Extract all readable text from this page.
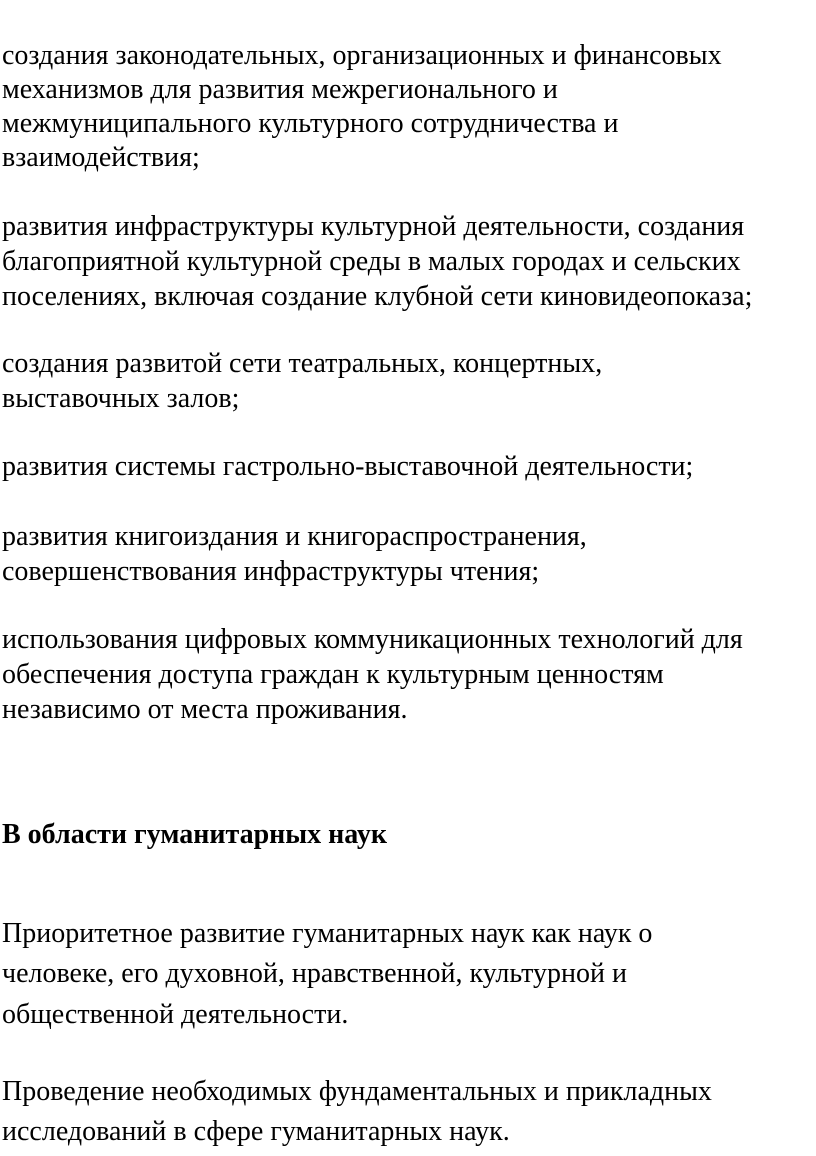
создания законодательных, организационных и финансовых
механизмов для развития межрегионального и
межмуниципального культурного сотрудничества и
взаимодействия;
развития инфраструктуры культурной деятельности, создания
благоприятной культурной среды в малых городах и сельских
поселениях, включая создание клубной сети киновидеопоказа;
создания развитой сети театральных, концертных,
выставочных залов;
развития системы гастрольно-выставочной деятельности;
развития книгоиздания и книгораспространения,
совершенствования инфраструктуры чтения;
использования цифровых коммуникационных технологий для
обеспечения доступа граждан к культурным ценностям
независимо от места проживания.
В области гуманитарных наук
Приоритетное развитие гуманитарных наук как наук о
человеке, его духовной, нравственной, культурной и
общественной деятельности.
Проведение необходимых фундаментальных и прикладных
исследований в сфере гуманитарных наук.
